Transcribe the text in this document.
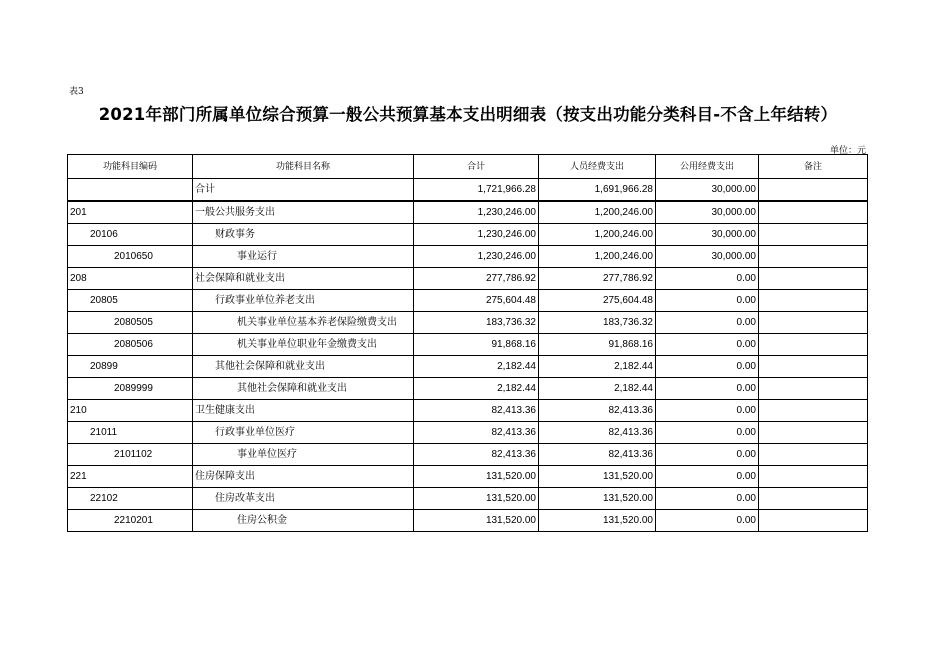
表3
2021年部门所属单位综合预算一般公共预算基本支出明细表（按支出功能分类科目-不含上年结转）
单位：元
功能科目编码	功能科目名称	合计	人员经费支出	公用经费支出	备注
	合计	1,721,966.28	1,691,966.28	30,000.00	
201	一般公共服务支出	1,230,246.00	1,200,246.00	30,000.00	
20106	财政事务	1,230,246.00	1,200,246.00	30,000.00	
2010650	事业运行	1,230,246.00	1,200,246.00	30,000.00	
208	社会保障和就业支出	277,786.92	277,786.92	0.00	
20805	行政事业单位养老支出	275,604.48	275,604.48	0.00	
2080505	机关事业单位基本养老保险缴费支出	183,736.32	183,736.32	0.00	
2080506	机关事业单位职业年金缴费支出	91,868.16	91,868.16	0.00	
20899	其他社会保障和就业支出	2,182.44	2,182.44	0.00	
2089999	其他社会保障和就业支出	2,182.44	2,182.44	0.00	
210	卫生健康支出	82,413.36	82,413.36	0.00	
21011	行政事业单位医疗	82,413.36	82,413.36	0.00	
2101102	事业单位医疗	82,413.36	82,413.36	0.00	
221	住房保障支出	131,520.00	131,520.00	0.00	
22102	住房改革支出	131,520.00	131,520.00	0.00	
2210201	住房公积金	131,520.00	131,520.00	0.00	
